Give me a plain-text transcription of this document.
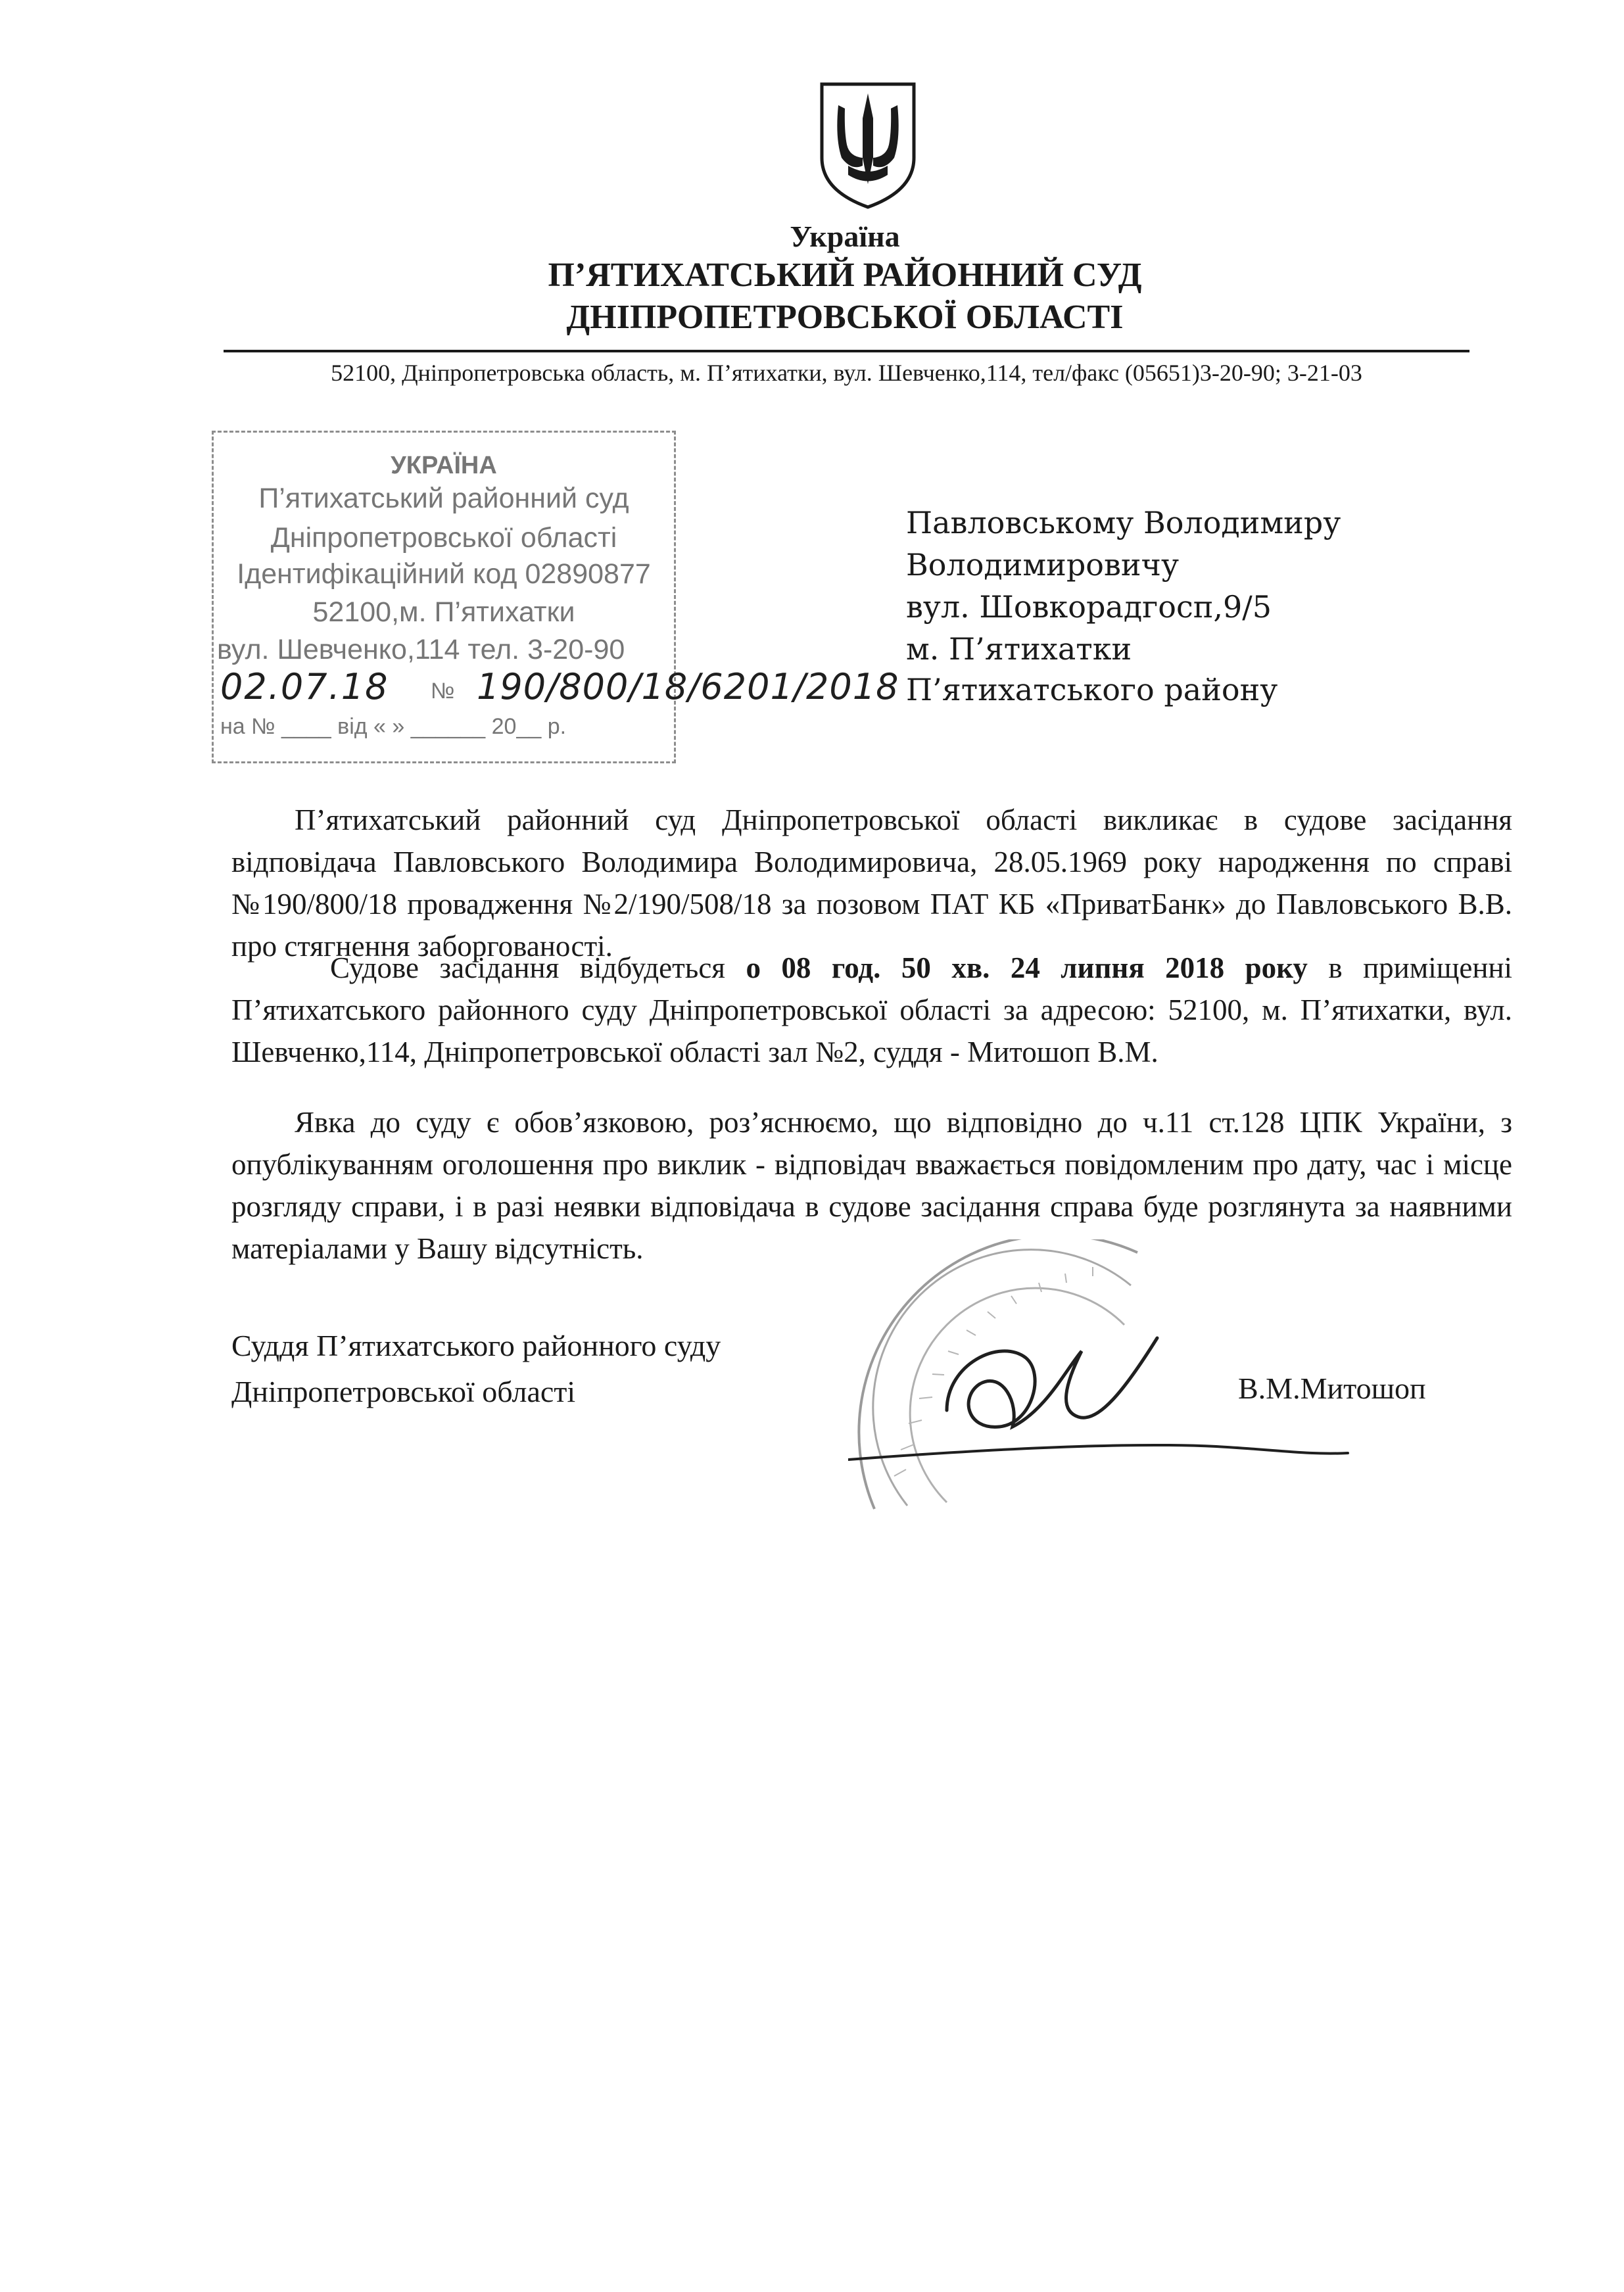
Україна
П’ЯТИХАТСЬКИЙ РАЙОННИЙ СУД
ДНІПРОПЕТРОВСЬКОЇ ОБЛАСТІ
52100, Дніпропетровська область, м. П’ятихатки, вул. Шевченко,114, тел/факс (05651)3-20-90; 3-21-03
УКРАЇНА
П’ятихатський районний суд
Дніпропетровської області
Ідентифікаційний код 02890877
52100,м. П’ятихатки
вул. Шевченко,114 тел. 3-20-90
02.07.18 № 190/800/18/6201/2018
на № ____ від « » ______ 20__ р.
Павловському Володимиру
Володимировичу
вул. Шовкорадгосп,9/5
м. П’ятихатки
П’ятихатського району
П’ятихатський районний суд Дніпропетровської області викликає в судове засідання відповідача Павловського Володимира Володимировича, 28.05.1969 року народження по справі №190/800/18 провадження №2/190/508/18 за позовом ПАТ КБ «ПриватБанк» до Павловського В.В. про стягнення заборгованості.
Судове засідання відбудеться о 08 год. 50 хв. 24 липня 2018 року в приміщенні П’ятихатського районного суду Дніпропетровської області за адресою: 52100, м. П’ятихатки, вул. Шевченко,114, Дніпропетровської області зал №2, суддя - Митошоп В.М.
Явка до суду є обов’язковою, роз’яснюємо, що відповідно до ч.11 ст.128 ЦПК України, з опублікуванням оголошення про виклик - відповідач вважається повідомленим про дату, час і місце розгляду справи, і в разі неявки відповідача в судове засідання справа буде розглянута за наявними матеріалами у Вашу відсутність.
Суддя П’ятихатського районного суду
Дніпропетровської області	В.М.Митошоп
